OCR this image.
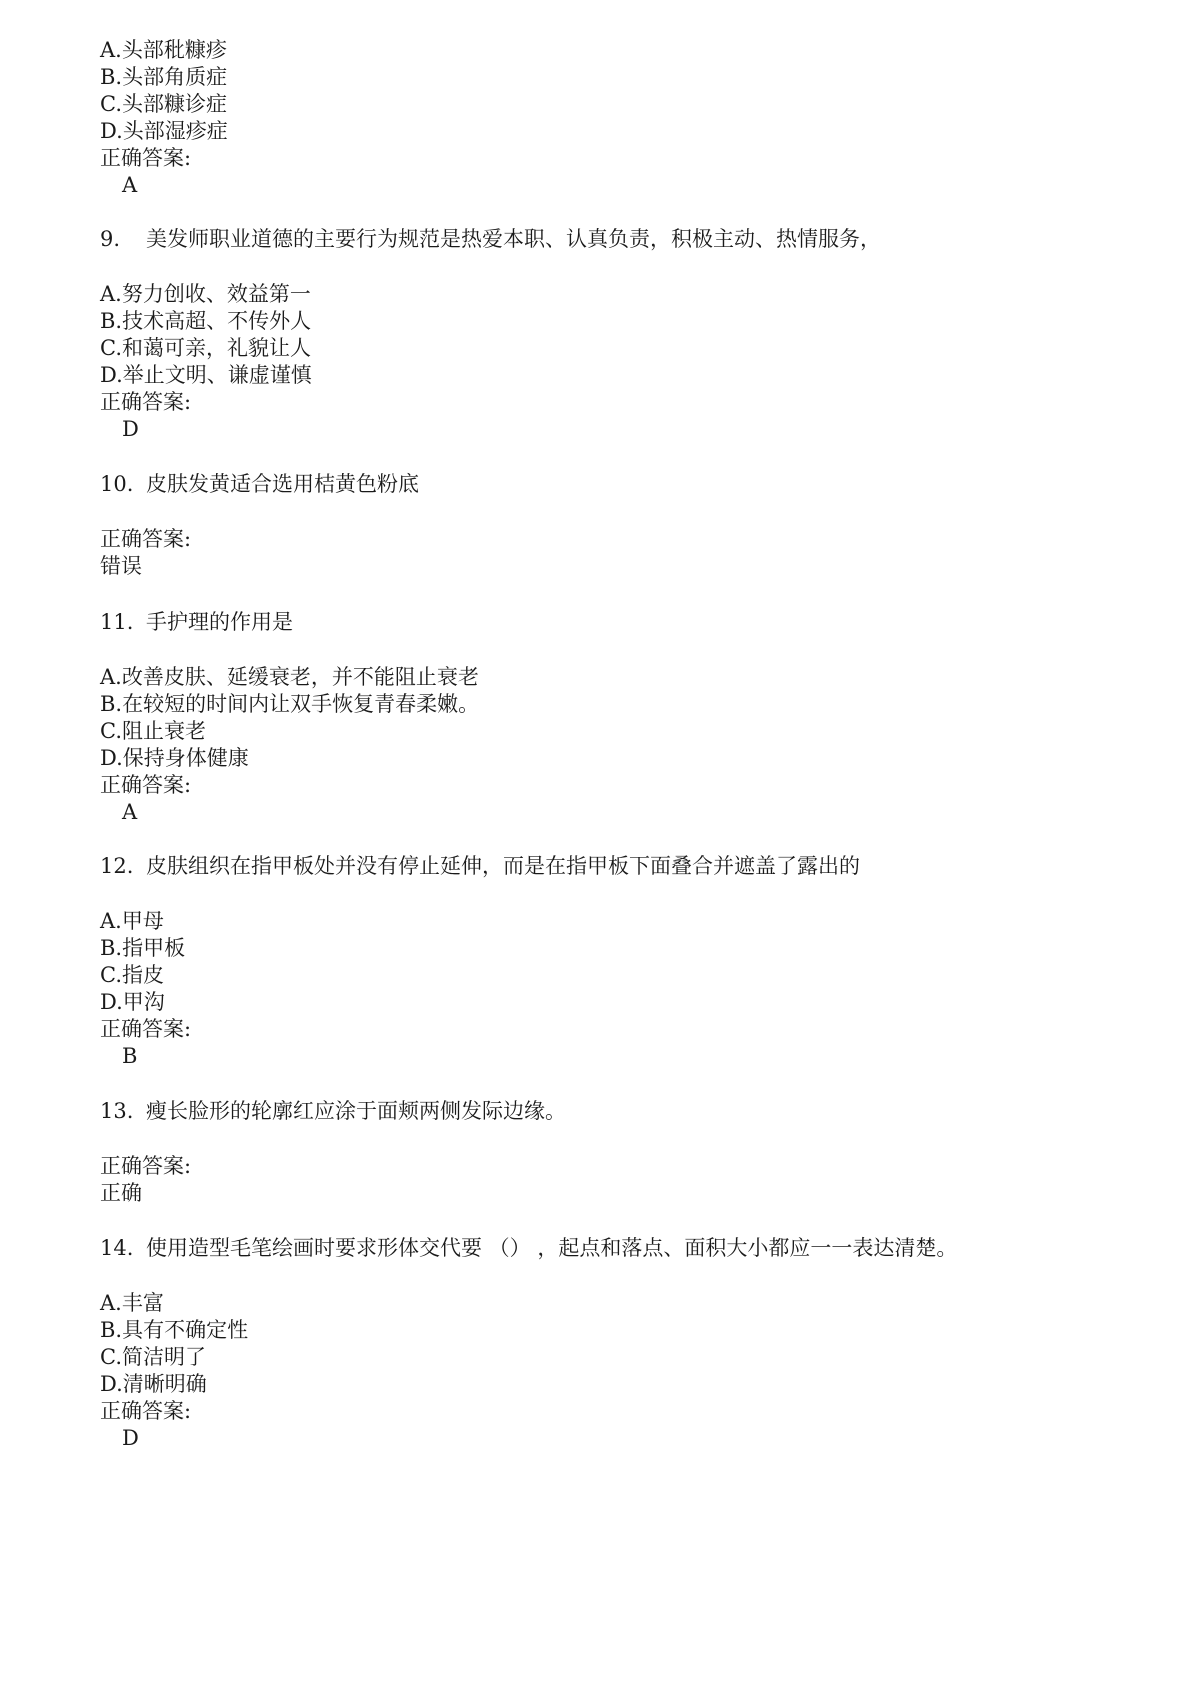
A.头部秕糠疹
B.头部角质症
C.头部糠诊症
D.头部湿疹症
正确答案:
A
9. 美发师职业道德的主要行为规范是热爱本职、认真负责，积极主动、热情服务，
A.努力创收、效益第一
B.技术高超、不传外人
C.和蔼可亲，礼貌让人
D.举止文明、谦虚谨慎
正确答案:
D
10. 皮肤发黄适合选用桔黄色粉底
正确答案:
错误
11. 手护理的作用是
A.改善皮肤、延缓衰老，并不能阻止衰老
B.在较短的时间内让双手恢复青春柔嫩。
C.阻止衰老
D.保持身体健康
正确答案:
A
12. 皮肤组织在指甲板处并没有停止延伸，而是在指甲板下面叠合并遮盖了露出的
A.甲母
B.指甲板
C.指皮
D.甲沟
正确答案:
B
13. 瘦长脸形的轮廓红应涂于面颊两侧发际边缘。
正确答案:
正确
14. 使用造型毛笔绘画时要求形体交代要 （） ，起点和落点、面积大小都应一一表达清楚。
A.丰富
B.具有不确定性
C.简洁明了
D.清晰明确
正确答案:
D
